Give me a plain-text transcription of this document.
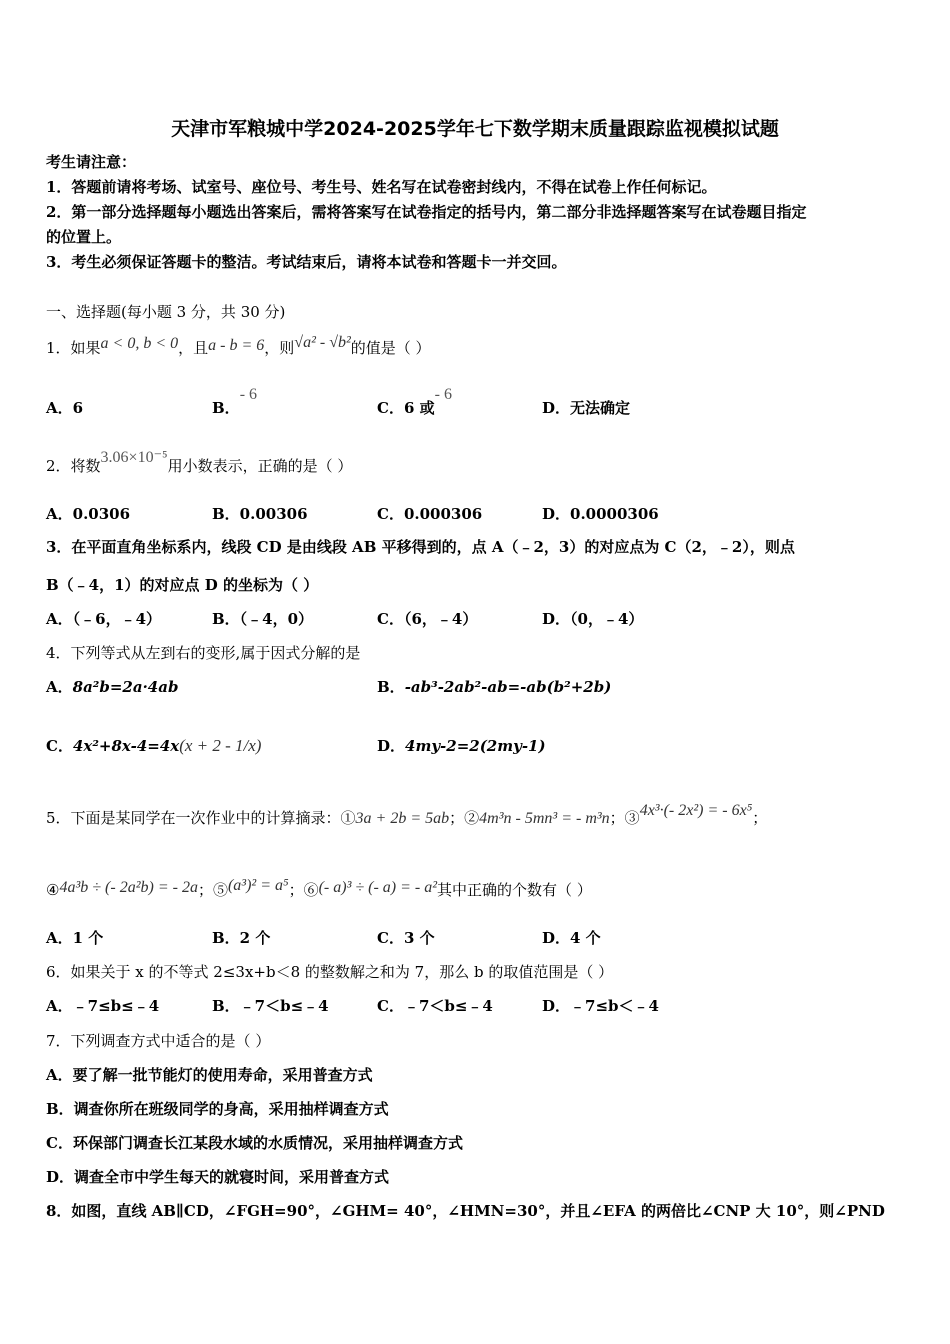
天津市军粮城中学2024-2025学年七下数学期末质量跟踪监视模拟试题
考生请注意：
1．答题前请将考场、试室号、座位号、考生号、姓名写在试卷密封线内，不得在试卷上作任何标记。
2．第一部分选择题每小题选出答案后，需将答案写在试卷指定的括号内，第二部分非选择题答案写在试卷题目指定
的位置上。
3．考生必须保证答题卡的整洁。考试结束后，请将本试卷和答题卡一并交回。
一、选择题(每小题 3 分，共 30 分)
1．如果a < 0, b < 0，且a - b = 6，则√a² - √b²的值是（ ）
A．6	B．- 6
C．6 或- 6
D．无法确定
2．将数3.06×10⁻⁵用小数表示，正确的是（ ）
A．0.0306	B．0.00306	C．0.000306	D．0.0000306
3．在平面直角坐标系内，线段 CD 是由线段 AB 平移得到的，点 A（﹣2，3）的对应点为 C（2，﹣2），则点
B（﹣4，1）的对应点 D 的坐标为（ ）
A．（﹣6，﹣4）	B．（﹣4，0）	C．（6，﹣4）	D．（0，﹣4）
4．下列等式从左到右的变形,属于因式分解的是
A．8a²b=2a·4ab	B．-ab³-2ab²-ab=-ab(b²+2b)
C．4x²+8x-4=4x(x + 2 - 1/x)	D．4my-2=2(2my-1)
5．下面是某同学在一次作业中的计算摘录：①3a + 2b = 5ab；②4m³n - 5mn³ = - m³n；③4x³·(- 2x²) = - 6x⁵；
④4a³b ÷ (- 2a²b) = - 2a；⑤(a³)² = a⁵；⑥(- a)³ ÷ (- a) = - a²其中正确的个数有（ ）
A．1 个	B．2 个	C．3 个	D．4 个
6．如果关于 x 的不等式 2≤3x+b＜8 的整数解之和为 7，那么 b 的取值范围是（ ）
A．﹣7≤b≤﹣4	B．﹣7＜b≤﹣4	C．﹣7＜b≤﹣4	D．﹣7≤b＜﹣4
7．下列调查方式中适合的是（ ）
A．要了解一批节能灯的使用寿命，采用普查方式
B．调查你所在班级同学的身高，采用抽样调查方式
C．环保部门调查长江某段水域的水质情况，采用抽样调查方式
D．调查全市中学生每天的就寝时间，采用普查方式
8．如图，直线 AB∥CD，∠FGH=90°，∠GHM= 40°，∠HMN=30°，并且∠EFA 的两倍比∠CNP 大 10°，则∠PND
